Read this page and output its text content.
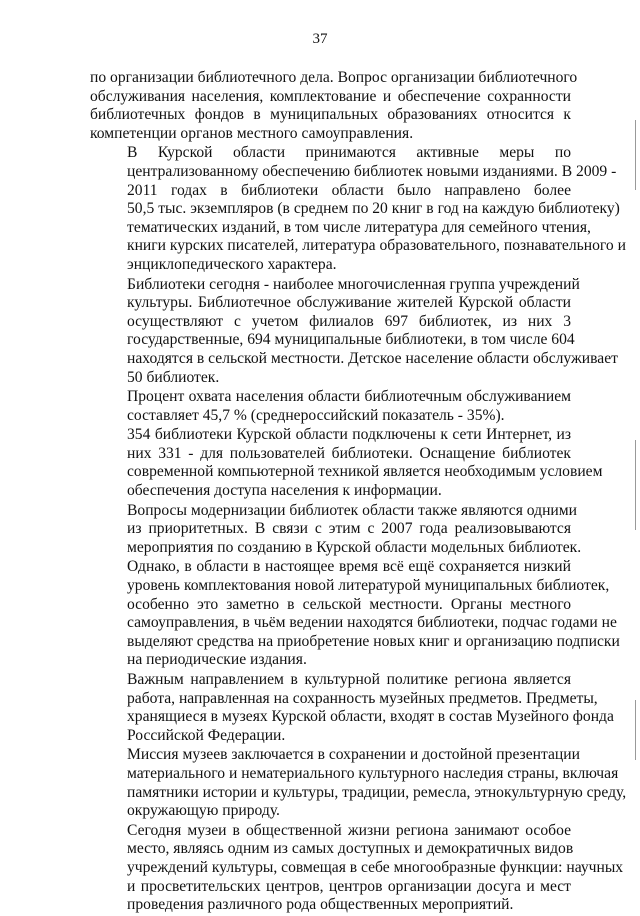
37
по организации библиотечного дела. Вопрос организации библиотечного
обслуживания населения, комплектование и обеспечение сохранности
библиотечных фондов в муниципальных образованиях относится к
компетенции органов местного самоуправления.
В Курской области принимаются активные меры по
централизованному обеспечению библиотек новыми изданиями. В 2009 -
2011 годах в библиотеки области было направлено более
50,5 тыс. экземпляров (в среднем по 20 книг в год на каждую библиотеку)
тематических изданий, в том числе литература для семейного чтения,
книги курских писателей, литература образовательного, познавательного и
энциклопедического характера.
Библиотеки сегодня - наиболее многочисленная группа учреждений
культуры. Библиотечное обслуживание жителей Курской области
осуществляют с учетом филиалов 697 библиотек, из них 3
государственные, 694 муниципальные библиотеки, в том числе 604
находятся в сельской местности. Детское население области обслуживает
50 библиотек.
Процент охвата населения области библиотечным обслуживанием
составляет 45,7 % (среднероссийский показатель - 35%).
354 библиотеки Курской области подключены к сети Интернет, из
них 331 - для пользователей библиотеки. Оснащение библиотек
современной компьютерной техникой является необходимым условием
обеспечения доступа населения к информации.
Вопросы модернизации библиотек области также являются одними
из приоритетных. В связи с этим с 2007 года реализовываются
мероприятия по созданию в Курской области модельных библиотек.
Однако, в области в настоящее время всё ещё сохраняется низкий
уровень комплектования новой литературой муниципальных библиотек,
особенно это заметно в сельской местности. Органы местного
самоуправления, в чьём ведении находятся библиотеки, подчас годами не
выделяют средства на приобретение новых книг и организацию подписки
на периодические издания.
Важным направлением в культурной политике региона является
работа, направленная на сохранность музейных предметов. Предметы,
хранящиеся в музеях Курской области, входят в состав Музейного фонда
Российской Федерации.
Миссия музеев заключается в сохранении и достойной презентации
материального и нематериального культурного наследия страны, включая
памятники истории и культуры, традиции, ремесла, этнокультурную среду,
окружающую природу.
Сегодня музеи в общественной жизни региона занимают особое
место, являясь одним из самых доступных и демократичных видов
учреждений культуры, совмещая в себе многообразные функции: научных
и просветительских центров, центров организации досуга и мест
проведения различного рода общественных мероприятий.
